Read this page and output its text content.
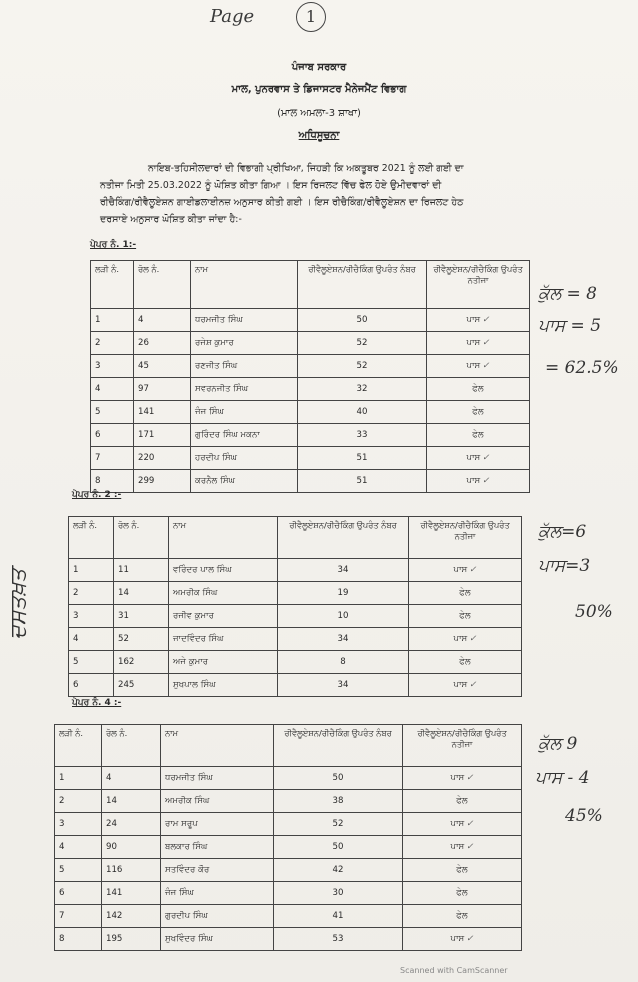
Page	1
ਪੰਜਾਬ ਸਰਕਾਰ
ਮਾਲ, ਪੁਨਰਵਾਸ ਤੇ ਡਿਜਾਸਟਰ ਮੈਨੇਜਮੈਂਟ ਵਿਭਾਗ
(ਮਾਲ ਅਮਲਾ-3 ਸ਼ਾਖਾ)
ਅਧਿਸੂਚਨਾ
ਨਾਇਬ-ਤਹਿਸੀਲਦਾਰਾਂ ਦੀ ਵਿਭਾਗੀ ਪ੍ਰੀਖਿਆ, ਜਿਹੜੀ ਕਿ ਅਕਤੂਬਰ 2021 ਨੂੰ ਲਈ ਗਈ ਦਾ
ਨਤੀਜਾ ਮਿਤੀ 25.03.2022 ਨੂੰ ਘੋਸ਼ਿਤ ਕੀਤਾ ਗਿਆ । ਇਸ ਰਿਜਲਟ ਵਿੱਚ ਫੇਲ ਹੋਏ ਉਮੀਦਵਾਰਾਂ ਦੀ
ਰੀਚੈਕਿੰਗ/ਰੀਵੈਲੂਏਸ਼ਨ ਗਾਈਡਲਾਈਨਜ਼ ਅਨੁਸਾਰ ਕੀਤੀ ਗਈ । ਇਸ ਰੀਚੈਕਿੰਗ/ਰੀਵੈਲੂਏਸ਼ਨ ਦਾ ਰਿਜਲਟ ਹੇਠ
ਦਰਸਾਏ ਅਨੁਸਾਰ ਘੋਸ਼ਿਤ ਕੀਤਾ ਜਾਂਦਾ ਹੈ:-
ਪੇਪਰ ਨੰ. 1:-
ਲੜੀ ਨੰ.	ਰੋਲ ਨੰ.	ਨਾਮ	ਰੀਵੈਲੂਏਸ਼ਨ/ਰੀਚੈਕਿੰਗ ਉਪਰੰਤ ਨੰਬਰ	ਰੀਵੈਲੂਏਸ਼ਨ/ਰੀਚੈਕਿੰਗ ਉਪਰੰਤ ਨਤੀਜਾ
1	4	ਧਰਮਜੀਤ ਸਿੰਘ	50	ਪਾਸ ✓
2	26	ਰਜੇਸ਼ ਕੁਮਾਰ	52	ਪਾਸ ✓
3	45	ਰਣਜੀਤ ਸਿੰਘ	52	ਪਾਸ ✓
4	97	ਸਵਰਨਜੀਤ ਸਿੰਘ	32	ਫੇਲ
5	141	ਜੰਜ ਸਿੰਘ	40	ਫੇਲ
6	171	ਗੁਰਿੰਦਰ ਸਿੰਘ ਮਕਨਾ	33	ਫੇਲ
7	220	ਹਰਦੀਪ ਸਿੰਘ	51	ਪਾਸ ✓
8	299	ਕਰਨੈਲ ਸਿੰਘ	51	ਪਾਸ ✓
ਕੁੱਲ = 8
ਪਾਸ = 5
= 62.5%
ਪੇਪਰ ਨੰ. 2 :-
ਲੜੀ ਨੰ.	ਰੋਲ ਨੰ.	ਨਾਮ	ਰੀਵੈਲੂਏਸ਼ਨ/ਰੀਚੈਕਿੰਗ ਉਪਰੰਤ ਨੰਬਰ	ਰੀਵੈਲੂਏਸ਼ਨ/ਰੀਚੈਕਿੰਗ ਉਪਰੰਤ ਨਤੀਜਾ
1	11	ਵਰਿੰਦਰ ਪਾਲ ਸਿੰਘ	34	ਪਾਸ ✓
2	14	ਅਮਰੀਕ ਸਿੰਘ	19	ਫੇਲ
3	31	ਰਜੀਵ ਕੁਮਾਰ	10	ਫੇਲ
4	52	ਜਾਦਵਿੰਦਰ ਸਿੰਘ	34	ਪਾਸ ✓
5	162	ਅਜੇ ਕੁਮਾਰ	8	ਫੇਲ
6	245	ਸੁਖਪਾਲ ਸਿੰਘ	34	ਪਾਸ ✓
ਕੁੱਲ=6
ਪਾਸ=3
50%
ਦਸਤਖ਼ਤ
ਪੇਪਰ ਨੰ. 4 :-
ਲੜੀ ਨੰ.	ਰੋਲ ਨੰ.	ਨਾਮ	ਰੀਵੈਲੂਏਸ਼ਨ/ਰੀਚੈਕਿੰਗ ਉਪਰੰਤ ਨੰਬਰ	ਰੀਵੈਲੂਏਸ਼ਨ/ਰੀਚੈਕਿੰਗ ਉਪਰੰਤ ਨਤੀਜਾ
1	4	ਧਰਮਜੀਤ ਸਿੰਘ	50	ਪਾਸ ✓
2	14	ਅਮਰੀਕ ਸਿੰਘ	38	ਫੇਲ
3	24	ਰਾਮ ਸਰੂਪ	52	ਪਾਸ ✓
4	90	ਬਲਕਾਰ ਸਿੰਘ	50	ਪਾਸ ✓
5	116	ਸਤਵਿੰਦਰ ਕੌਰ	42	ਫੇਲ
6	141	ਜੰਜ ਸਿੰਘ	30	ਫੇਲ
7	142	ਗੁਰਦੀਪ ਸਿੰਘ	41	ਫੇਲ
8	195	ਸੁਖਵਿੰਦਰ ਸਿੰਘ	53	ਪਾਸ ✓
ਕੁੱਲ 9
ਪਾਸ - 4
45%
Scanned with CamScanner
